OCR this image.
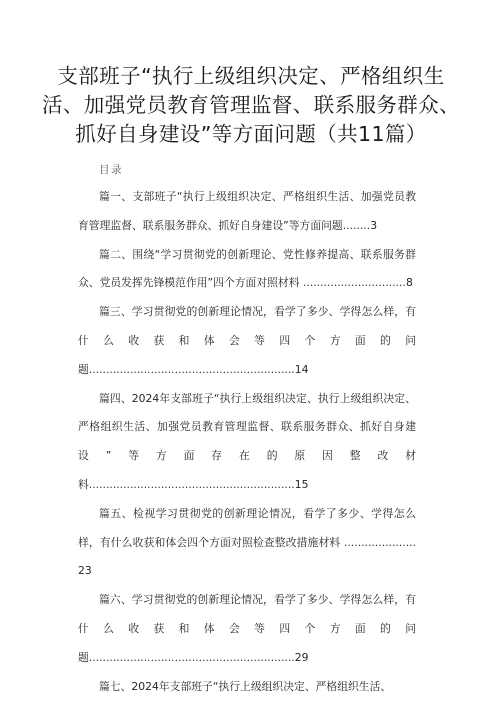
支部班子“执行上级组织决定、严格组织生活、加强党员教育管理监督、联系服务群众、抓好自身建设”等方面问题（共11篇）
目录
篇一、支部班子“执行上级组织决定、严格组织生活、加强党员教育管理监督、联系服务群众、抓好自身建设”等方面问题........3
篇二、围绕“学习贯彻党的创新理论、党性修养提高、联系服务群众、党员发挥先锋模范作用”四个方面对照材料 ..............................8
篇三、学习贯彻党的创新理论情况，看学了多少、学得怎么样，有什么收获和体会等四个方面的问题............................................................14
篇四、2024年支部班子“执行上级组织决定、执行上级组织决定、严格组织生活、加强党员教育管理监督、联系服务群众、抓好自身建设”等方面存在的原因整改材料............................................................15
篇五、检视学习贯彻党的创新理论情况，看学了多少、学得怎么样，有什么收获和体会四个方面对照检查整改措施材料 .....................23
篇六、学习贯彻党的创新理论情况，看学了多少、学得怎么样，有什么收获和体会等四个方面的问题............................................................29
篇七、2024年支部班子“执行上级组织决定、严格组织生活、
